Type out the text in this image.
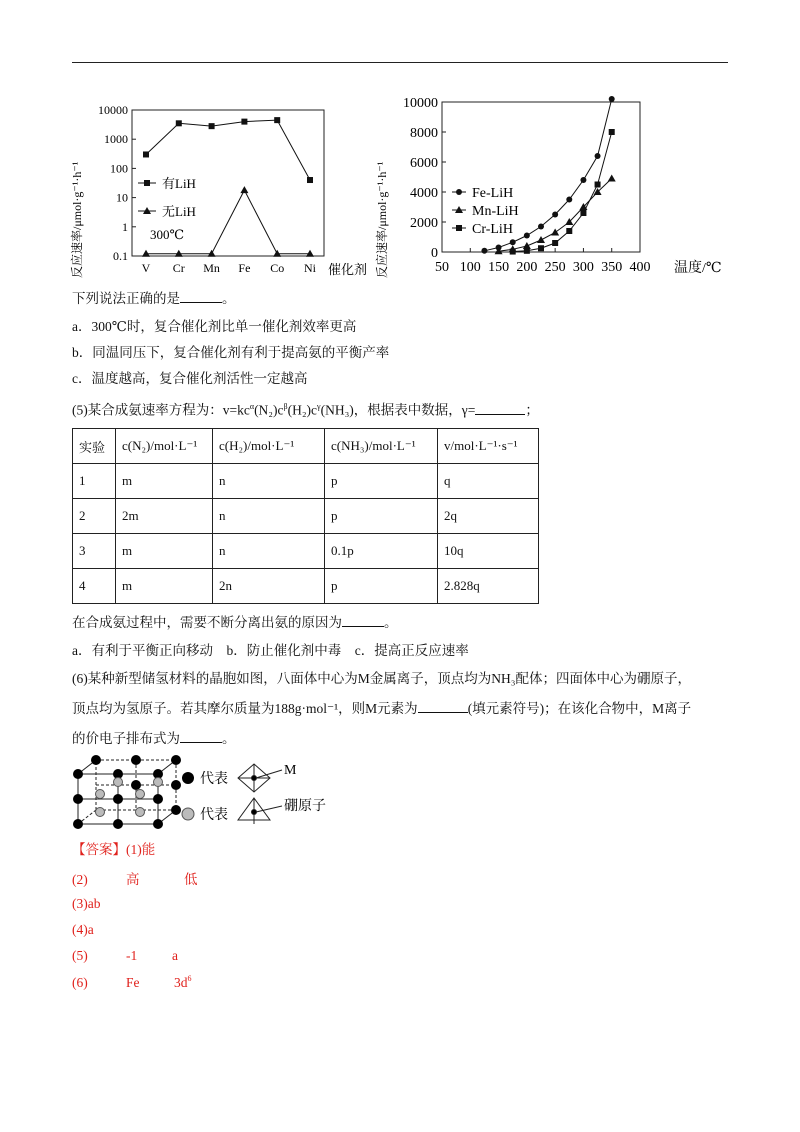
反应速率/μmol·g⁻¹·h⁻¹
10000
1000
100
10
1
0.1
V Cr Mn Fe Co Ni 催化剂
有LiH
无LiH
300℃	反应速率/μmol·g⁻¹·h⁻¹	0
2000
4000
6000
8000
10000
50 100 150 200 250 300 350 400 温度/℃
Fe-LiH
Mn-LiH
Cr-LiH
下列说法正确的是	。
a．300℃时，复合催化剂比单一催化剂效率更高
b．同温同压下，复合催化剂有利于提高氨的平衡产率
c．温度越高，复合催化剂活性一定越高
(5)某合成氨速率方程为：$v=kc^\alpha(N_2)c^\beta(H_2)c^\gamma(NH_3)$，根据表中数据，γ=	；
实验	c(N₂)/mol·L⁻¹	c(H₂)/mol·L⁻¹	c(NH₃)/mol·L⁻¹	v/mol·L⁻¹·s⁻¹
1	m	n	p	q
2	2m	n	p	2q
3	m	n	0.1p	10q
4	m	2n	p	2.828q
在合成氨过程中，需要不断分离出氨的原因为	。
a．有利于平衡正向移动　b．防止催化剂中毒　c．提高正反应速率
(6)某种新型储氢材料的晶胞如图，八面体中心为M金属离子，顶点均为NH₃配体；四面体中心为硼原子，
顶点均为氢原子。若其摩尔质量为188g·mol⁻¹，则M元素为	(填元素符号)；在该化合物中，M离子
的价电子排布式为	。
代表
M
代表
硼原子
【答案】(1)能
(2)	高	低
(3)ab
(4)a
(5)	-1	a
(6)	Fe	$3d^6$
